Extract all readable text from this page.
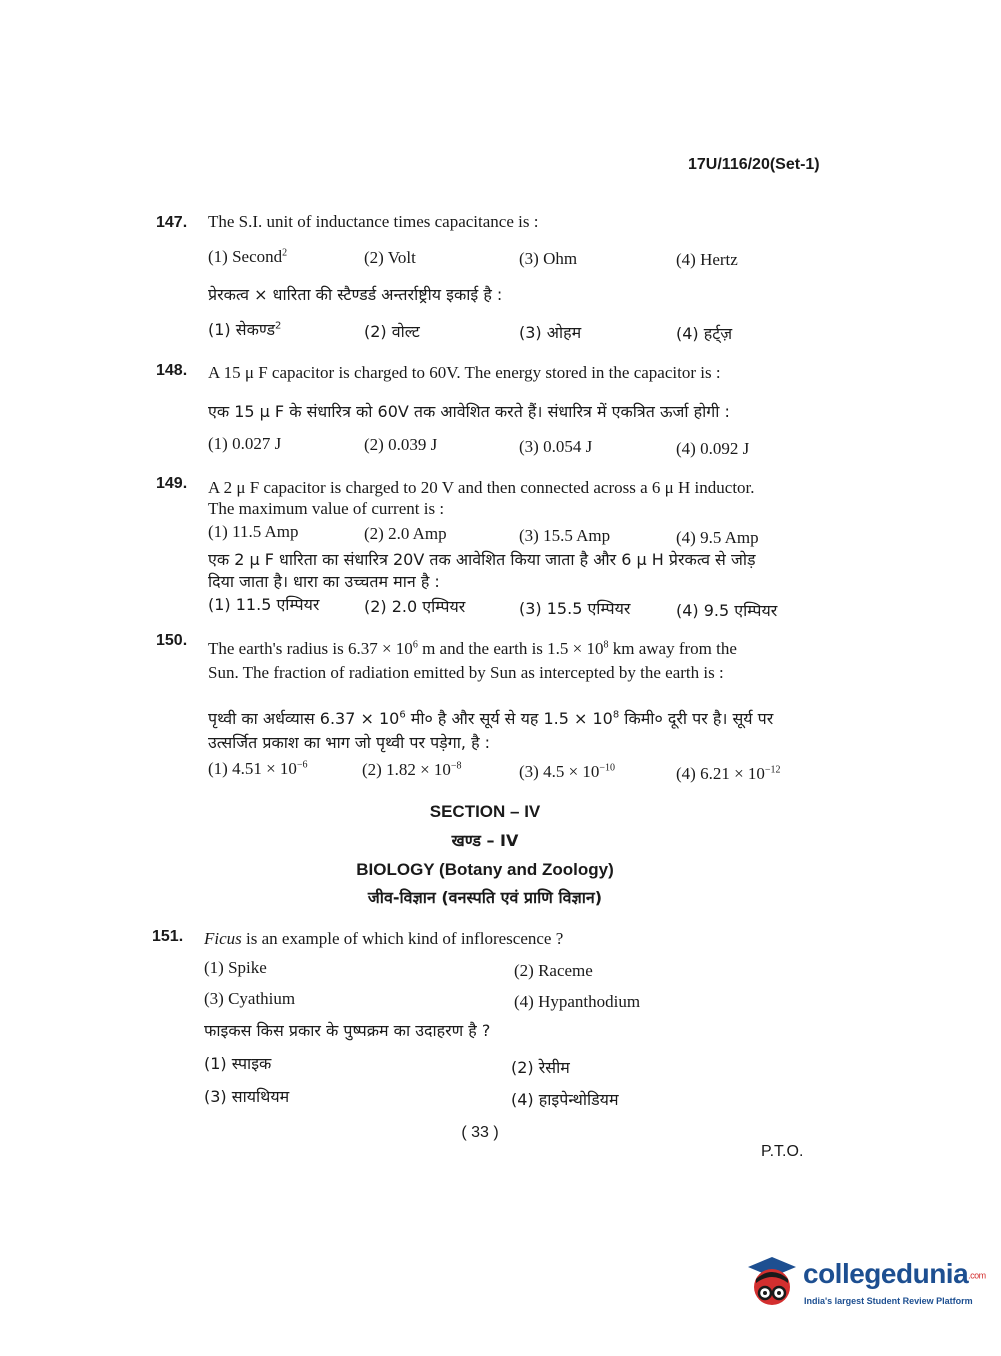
17U/116/20(Set-1)
147. The S.I. unit of inductance times capacitance is :
(1) Second$^2$	(2) Volt	(3) Ohm	(4) Hertz
प्रेरकत्व × धारिता की स्टैण्डर्ड अन्तर्राष्ट्रीय इकाई है :
(1) सेकण्ड$^2$	(2) वोल्ट	(3) ओहम	(4) हर्ट्ज़
148. A 15 μ F capacitor is charged to 60V. The energy stored in the capacitor is :
एक 15 μ F के संधारित्र को 60V तक आवेशित करते हैं। संधारित्र में एकत्रित ऊर्जा होगी :
(1) 0.027 J	(2) 0.039 J	(3) 0.054 J	(4) 0.092 J
149. A 2 μ F capacitor is charged to 20 V and then connected across a 6 μ H inductor.
The maximum value of current is :
(1) 11.5 Amp	(2) 2.0 Amp	(3) 15.5 Amp	(4) 9.5 Amp
एक 2 μ F धारिता का संधारित्र 20V तक आवेशित किया जाता है और 6 μ H प्रेरकत्व से जोड़
दिया जाता है। धारा का उच्चतम मान है :
(1) 11.5 एम्पियर	(2) 2.0 एम्पियर	(3) 15.5 एम्पियर	(4) 9.5 एम्पियर
150. The earth's radius is $6.37 \times 10^6$ m and the earth is $1.5 \times 10^8$ km away from the
Sun. The fraction of radiation emitted by Sun as intercepted by the earth is :
पृथ्वी का अर्धव्यास $6.37 \times 10^6$ मी० है और सूर्य से यह $1.5 \times 10^8$ किमी० दूरी पर है। सूर्य पर
उत्सर्जित प्रकाश का भाग जो पृथ्वी पर पड़ेगा, है :
(1) $4.51 \times 10^{-6}$	(2) $1.82 \times 10^{-8}$	(3) $4.5 \times 10^{-10}$	(4) $6.21 \times 10^{-12}$
SECTION – IV
खण्ड – IV
BIOLOGY (Botany and Zoology)
जीव-विज्ञान (वनस्पति एवं प्राणि विज्ञान)
151. Ficus is an example of which kind of inflorescence ?
(1) Spike	(2) Raceme
(3) Cyathium	(4) Hypanthodium
फाइकस किस प्रकार के पुष्पक्रम का उदाहरण है ?
(1) स्पाइक	(2) रेसीम
(3) सायथियम	(4) हाइपेन्थोडियम
( 33 )
P.T.O.
collegedunia.com
India's largest Student Review Platform
